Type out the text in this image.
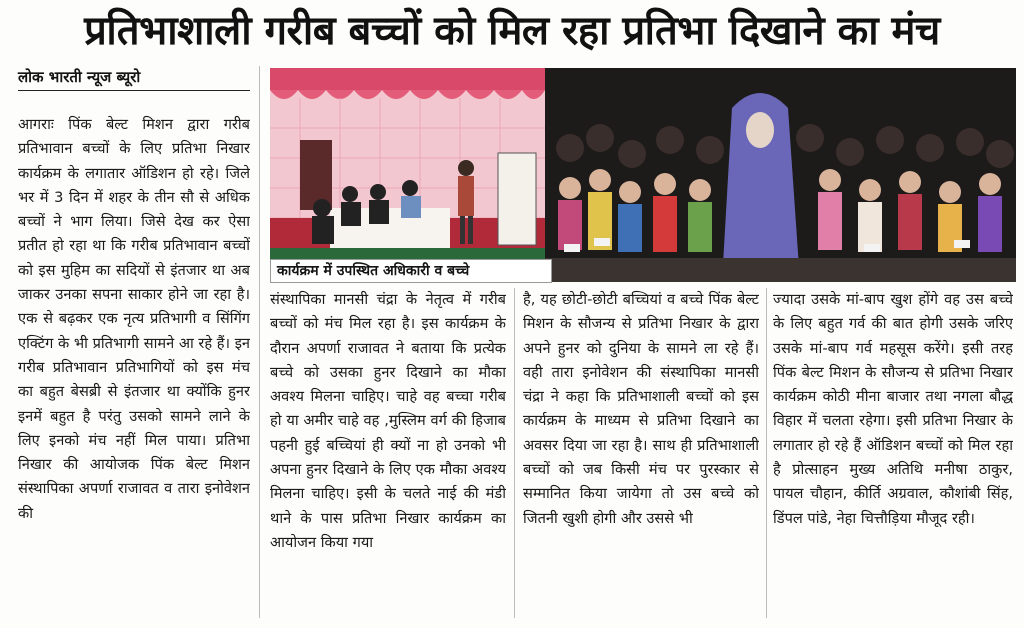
प्रतिभाशाली गरीब बच्चों को मिल रहा प्रतिभा दिखाने का मंच
लोक भारती न्यूज ब्यूरो
आगराः पिंक बेल्ट मिशन द्वारा गरीब प्रतिभावान बच्चों के लिए प्रतिभा निखार कार्यक्रम के लगातार ऑडिशन हो रहे। जिले भर में 3 दिन में शहर के तीन सौ से अधिक बच्चों ने भाग लिया। जिसे देख कर ऐसा प्रतीत हो रहा था कि गरीब प्रतिभावान बच्चों को इस मुहिम का सदियों से इंतजार था अब जाकर उनका सपना साकार होने जा रहा है। एक से बढ़कर एक नृत्य प्रतिभागी व सिंगिंग एक्टिंग के भी प्रतिभागी सामने आ रहे हैं। इन गरीब प्रतिभावान प्रतिभागियों को इस मंच का बहुत बेसब्री से इंतजार था क्योंकि हुनर इनमें बहुत है परंतु उसको सामने लाने के लिए इनको मंच नहीं मिल पाया। प्रतिभा निखार की आयोजक पिंक बेल्ट मिशन संस्थापिका अपर्णा राजावत व तारा इनोवेशन की
कार्यक्रम में उपस्थित अधिकारी व बच्चे
संस्थापिका मानसी चंद्रा के नेतृत्व में गरीब बच्चों को मंच मिल रहा है। इस कार्यक्रम के दौरान अपर्णा राजावत ने बताया कि प्रत्येक बच्चे को उसका हुनर दिखाने का मौका अवश्य मिलना चाहिए। चाहे वह बच्चा गरीब हो या अमीर चाहे वह ,मुस्लिम वर्ग की हिजाब पहनी हुई बच्चियां ही क्यों ना हो उनको भी अपना हुनर दिखाने के लिए एक मौका अवश्य मिलना चाहिए। इसी के चलते नाई की मंडी थाने के पास प्रतिभा निखार कार्यक्रम का आयोजन किया गया
है, यह छोटी-छोटी बच्चियां व बच्चे पिंक बेल्ट मिशन के सौजन्य से प्रतिभा निखार के द्वारा अपने हुनर को दुनिया के सामने ला रहे हैं। वही तारा इनोवेशन की संस्थापिका मानसी चंद्रा ने कहा कि प्रतिभाशाली बच्चों को इस कार्यक्रम के माध्यम से प्रतिभा दिखाने का अवसर दिया जा रहा है। साथ ही प्रतिभाशाली बच्चों को जब किसी मंच पर पुरस्कार से सम्मानित किया जायेगा तो उस बच्चे को जितनी खुशी होगी और उससे भी
ज्यादा उसके मां-बाप खुश होंगे वह उस बच्चे के लिए बहुत गर्व की बात होगी उसके जरिए उसके मां-बाप गर्व महसूस करेंगे। इसी तरह पिंक बेल्ट मिशन के सौजन्य से प्रतिभा निखार कार्यक्रम कोठी मीना बाजार तथा नगला बौद्ध विहार में चलता रहेगा। इसी प्रतिभा निखार के लगातार हो रहे हैं ऑडिशन बच्चों को मिल रहा है प्रोत्साहन मुख्य अतिथि मनीषा ठाकुर, पायल चौहान, कीर्ति अग्रवाल, कौशांबी सिंह, डिंपल पांडे, नेहा चित्तौड़िया मौजूद रही।
